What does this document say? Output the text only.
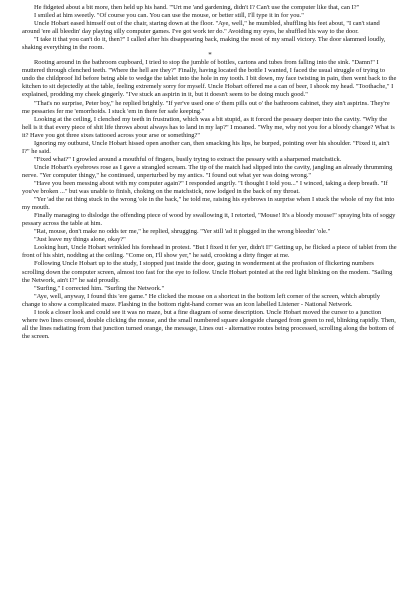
He fidgeted about a bit more, then held up his hand. "'Urt me 'and gardening, didn't I? Can't use the computer like that, can I?"

I smiled at him sweetly. "Of course you can. You can use the mouse, or better still, I'll type it in for you."

Uncle Hobart eased himself out of the chair, staring down at the floor. "Aye, well," he mumbled, shuffling his feet about, "I can't stand around 'ere all bleedin' day playing silly computer games. I've got work ter do." Avoiding my eyes, he shuffled his way to the door.

"I take it that you can't do it, then?" I called after his disappearing back, making the most of my small victory. The door slammed loudly, shaking everything in the room.

*

Rooting around in the bathroom cupboard, I tried to stop the jumble of bottles, cartons and tubes from falling into the sink. "Damn!" I muttered through clenched teeth. "Where the hell are they?" Finally, having located the bottle I wanted, I faced the usual struggle of trying to undo the childproof lid before being able to wedge the tablet into the hole in my tooth. I bit down, my face twisting in pain, then went back to the kitchen to sit dejectedly at the table, feeling extremely sorry for myself. Uncle Hobart offered me a can of beer, I shook my head. "Toothache," I explained, prodding my cheek gingerly. "I've stuck an aspirin in it, but it doesn't seem to be doing much good."

"That's no surprise, Peter boy," he replied brightly. "If yer've used one o' them pills out o' the bathroom cabinet, they ain't aspirins. They're me pessaries fer me 'emorrhoids. I stuck 'em in there fer safe keeping."

Looking at the ceiling, I clenched my teeth in frustration, which was a bit stupid, as it forced the pessary deeper into the cavity. "Why the hell is it that every piece of shit life throws about always has to land in my lap?" I moaned. "Why me, why not you for a bloody change? What is it? Have you got three sixes tattooed across your arse or something?"

Ignoring my outburst, Uncle Hobart hissed open another can, then smacking his lips, he burped, pointing over his shoulder. "Fixed it, ain't I?" he said.

"Fixed what?" I growled around a mouthful of fingers, busily trying to extract the pessary with a sharpened matchstick.

Uncle Hobart's eyebrows rose as I gave a strangled scream. The tip of the match had slipped into the cavity, jangling an already thrumming nerve. "Yer computer thingy," he continued, unperturbed by my antics. "I found out what yer was doing wrong."

"Have you been messing about with my computer again?" I responded angrily. "I thought I told you..." I winced, taking a deep breath. "If you've broken ..." but was unable to finish, choking on the matchstick, now lodged in the back of my throat.

"Yer 'ad the rat thing stuck in the wrong 'ole in the back," he told me, raising his eyebrows in surprise when I stuck the whole of my fist into my mouth.

Finally managing to dislodge the offending piece of wood by swallowing it, I retorted, "Mouse! It's a bloody mouse!" spraying bits of soggy pessary across the table at him.

"Rat, mouse, don't make no odds ter me," he replied, shrugging. "Yer still 'ad it plugged in the wrong bleedin' 'ole."

"Just leave my things alone, okay?"

Looking hurt, Uncle Hobart wrinkled his forehead in protest. "But I fixed it fer yer, didn't I!" Getting up, he flicked a piece of tablet from the front of his shirt, nodding at the ceiling. "Come on, I'll show yer," he said, crooking a dirty finger at me.

Following Uncle Hobart up to the study, I stopped just inside the door, gazing in wonderment at the profusion of flickering numbers scrolling down the computer screen, almost too fast for the eye to follow. Uncle Hobart pointed at the red light blinking on the modem. "Sailing the Network, ain't I?" he said proudly.

"Surfing," I corrected him. "Surfing the Network."

"Aye, well, anyway, I found this 'ere game." He clicked the mouse on a shortcut in the bottom left corner of the screen, which abruptly change to show a complicated maze. Flashing in the bottom right-hand corner was an icon labelled Listener - National Network.

I took a closer look and could see it was no maze, but a fine diagram of some description. Uncle Hobart moved the cursor to a junction where two lines crossed, double clicking the mouse, and the small numbered square alongside changed from green to red, blinking rapidly. Then, all the lines radiating from that junction turned orange, the message, Lines out - alternative routes being processed, scrolling along the bottom of the screen.
